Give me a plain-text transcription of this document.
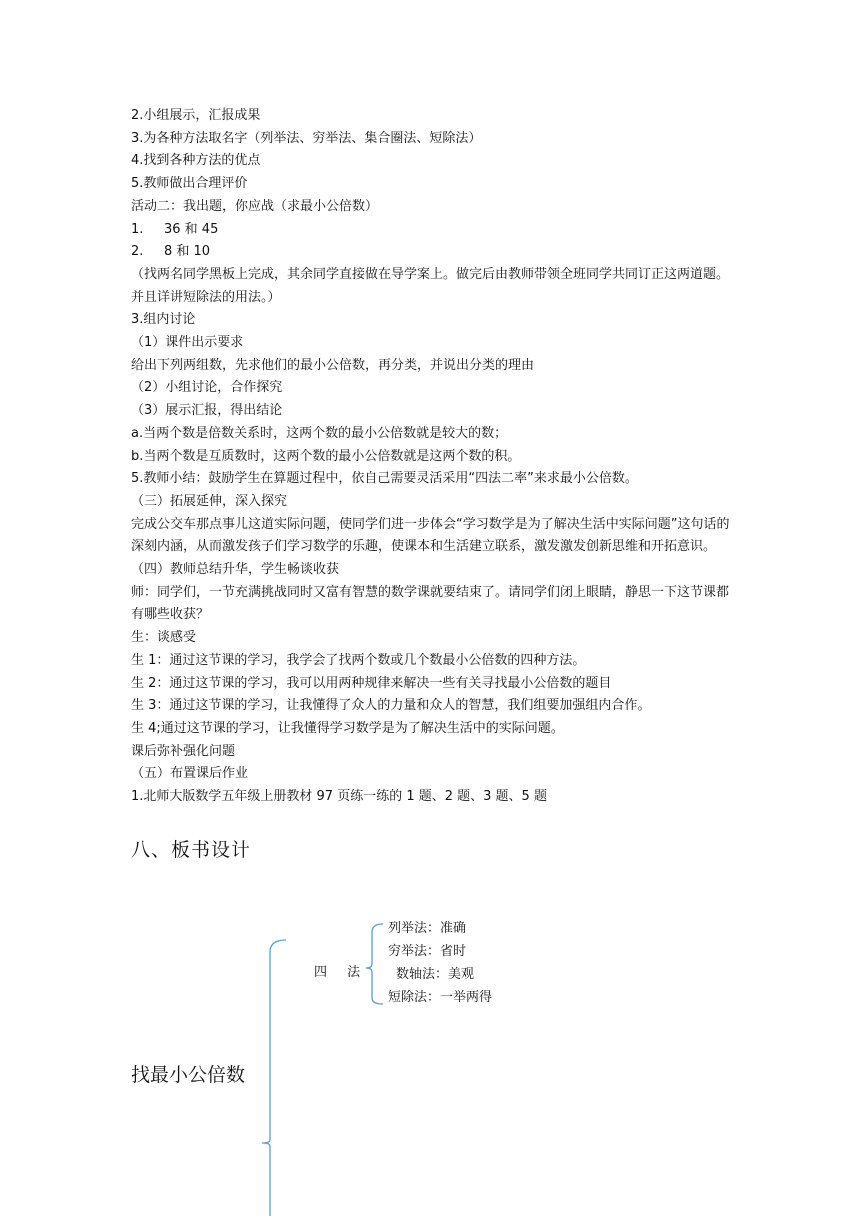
2.小组展示，汇报成果
3.为各种方法取名字（列举法、穷举法、集合圈法、短除法）
4.找到各种方法的优点
5.教师做出合理评价
活动二：我出题，你应战（求最小公倍数）
1. 36 和 45
2. 8 和 10
（找两名同学黑板上完成，其余同学直接做在导学案上。做完后由教师带领全班同学共同订正这两道题。并且详讲短除法的用法。）
3.组内讨论
（1）课件出示要求
给出下列两组数，先求他们的最小公倍数，再分类，并说出分类的理由
（2）小组讨论，合作探究
（3）展示汇报，得出结论
a.当两个数是倍数关系时，这两个数的最小公倍数就是较大的数；
b.当两个数是互质数时，这两个数的最小公倍数就是这两个数的积。
5.教师小结：鼓励学生在算题过程中，依自己需要灵活采用“四法二率”来求最小公倍数。
（三）拓展延伸，深入探究
完成公交车那点事儿这道实际问题，使同学们进一步体会“学习数学是为了解决生活中实际问题”这句话的深刻内涵，从而激发孩子们学习数学的乐趣，使课本和生活建立联系，激发激发创新思维和开拓意识。
（四）教师总结升华，学生畅谈收获
师：同学们，一节充满挑战同时又富有智慧的数学课就要结束了。请同学们闭上眼睛，静思一下这节课都有哪些收获？
生：谈感受
生 1：通过这节课的学习，我学会了找两个数或几个数最小公倍数的四种方法。
生 2：通过这节课的学习，我可以用两种规律来解决一些有关寻找最小公倍数的题目
生 3：通过这节课的学习，让我懂得了众人的力量和众人的智慧，我们组要加强组内合作。
生 4;通过这节课的学习，让我懂得学习数学是为了解决生活中的实际问题。
课后弥补强化问题
（五）布置课后作业
1.北师大版数学五年级上册教材 97 页练一练的 1 题、2 题、3 题、5 题
八、板书设计
找最小公倍数
四 法
列举法：准确
穷举法：省时
数轴法：美观
短除法：一举两得
